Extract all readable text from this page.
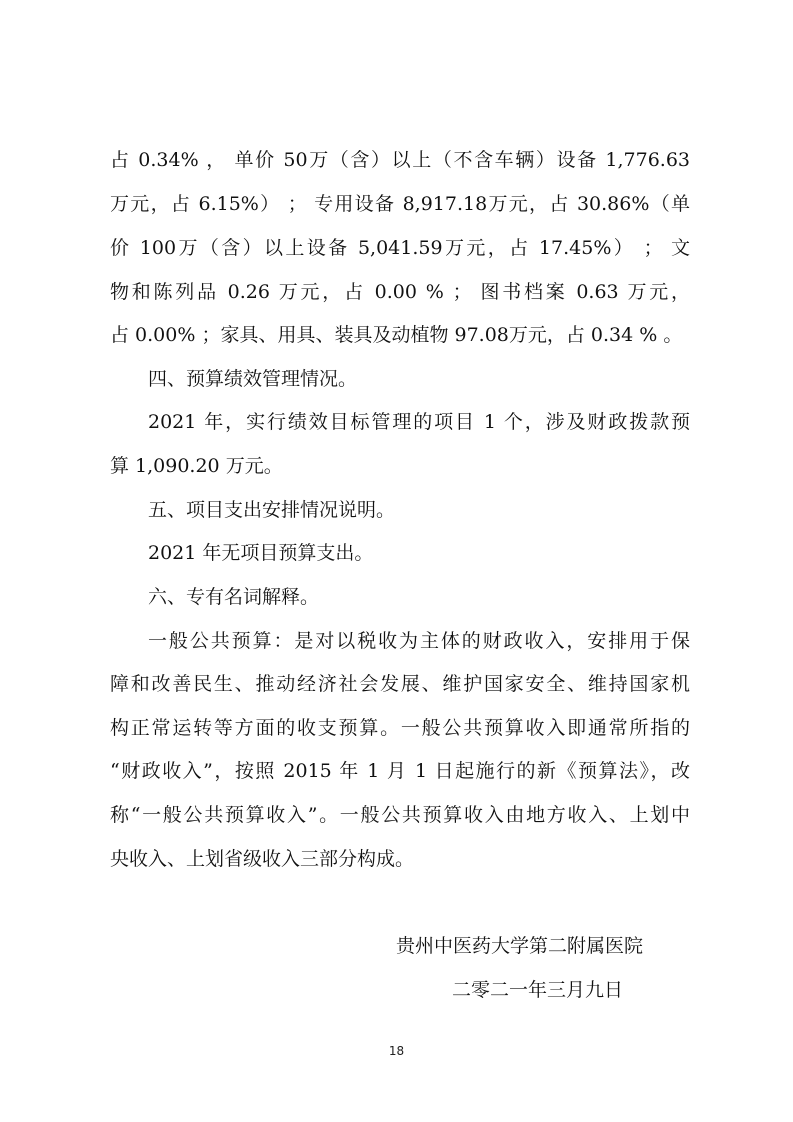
占 0.34% ， 单价 50万（含）以上（不含车辆）设备 1,776.63
万元，占 6.15%） ； 专用设备 8,917.18万元，占 30.86%（单
价 100万（含）以上设备 5,041.59万元，占 17.45%） ； 文
物和陈列品 0.26 万元，占 0.00 % ； 图书档案 0.63 万元，
占 0.00% ；家具、用具、装具及动植物 97.08万元，占 0.34 % 。
四、预算绩效管理情况。
2021 年，实行绩效目标管理的项目 1 个，涉及财政拨款预
算 1,090.20 万元。
五、项目支出安排情况说明。
2021 年无项目预算支出。
六、专有名词解释。
一般公共预算：是对以税收为主体的财政收入，安排用于保
障和改善民生、推动经济社会发展、维护国家安全、维持国家机
构正常运转等方面的收支预算。一般公共预算收入即通常所指的
“财政收入”，按照 2015 年 1 月 1 日起施行的新《预算法》，改
称“一般公共预算收入”。一般公共预算收入由地方收入、上划中
央收入、上划省级收入三部分构成。
贵州中医药大学第二附属医院
二零二一年三月九日
18
